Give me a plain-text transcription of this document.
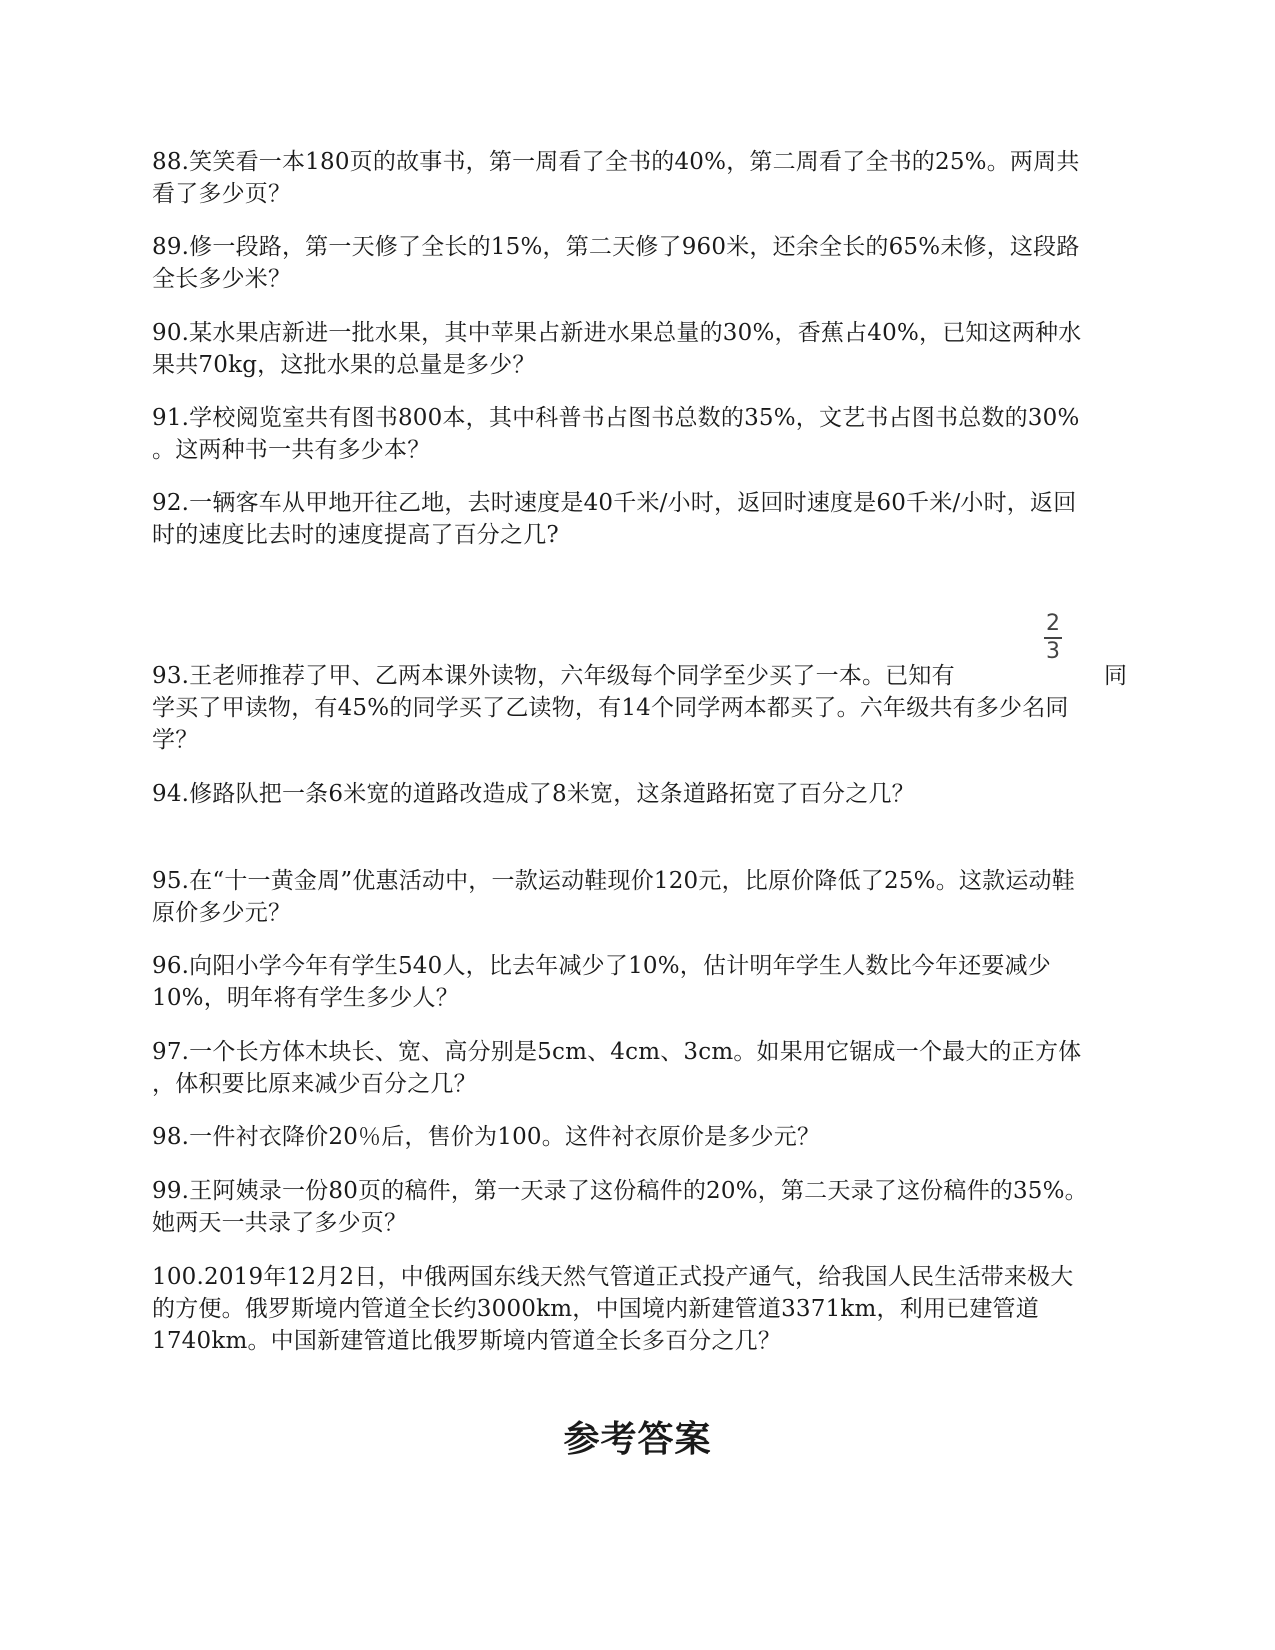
88.笑笑看一本180页的故事书，第一周看了全书的40%，第二周看了全书的25%。两周共
看了多少页？
89.修一段路，第一天修了全长的15%，第二天修了960米，还余全长的65%未修，这段路
全长多少米？
90.某水果店新进一批水果，其中苹果占新进水果总量的30%，香蕉占40%，已知这两种水
果共70kg，这批水果的总量是多少？
91.学校阅览室共有图书800本，其中科普书占图书总数的35%，文艺书占图书总数的30%
。这两种书一共有多少本？
92.一辆客车从甲地开往乙地，去时速度是40千米/小时，返回时速度是60千米/小时，返回
时的速度比去时的速度提高了百分之几?
2
3
93.王老师推荐了甲、乙两本课外读物，六年级每个同学至少买了一本。已知有	同
学买了甲读物，有45%的同学买了乙读物，有14个同学两本都买了。六年级共有多少名同
学？
94.修路队把一条6米宽的道路改造成了8米宽，这条道路拓宽了百分之几？
95.在“十一黄金周”优惠活动中，一款运动鞋现价120元，比原价降低了25%。这款运动鞋
原价多少元？
96.向阳小学今年有学生540人，比去年减少了10%，估计明年学生人数比今年还要减少
10%，明年将有学生多少人？
97.一个长方体木块长、宽、高分别是5cm、4cm、3cm。如果用它锯成一个最大的正方体
，体积要比原来减少百分之几？
98.一件衬衣降价20％后，售价为100。这件衬衣原价是多少元？
99.王阿姨录一份80页的稿件，第一天录了这份稿件的20%，第二天录了这份稿件的35%。
她两天一共录了多少页？
100.2019年12月2日，中俄两国东线天然气管道正式投产通气，给我国人民生活带来极大
的方便。俄罗斯境内管道全长约3000km，中国境内新建管道3371km，利用已建管道
1740km。中国新建管道比俄罗斯境内管道全长多百分之几？
参考答案
